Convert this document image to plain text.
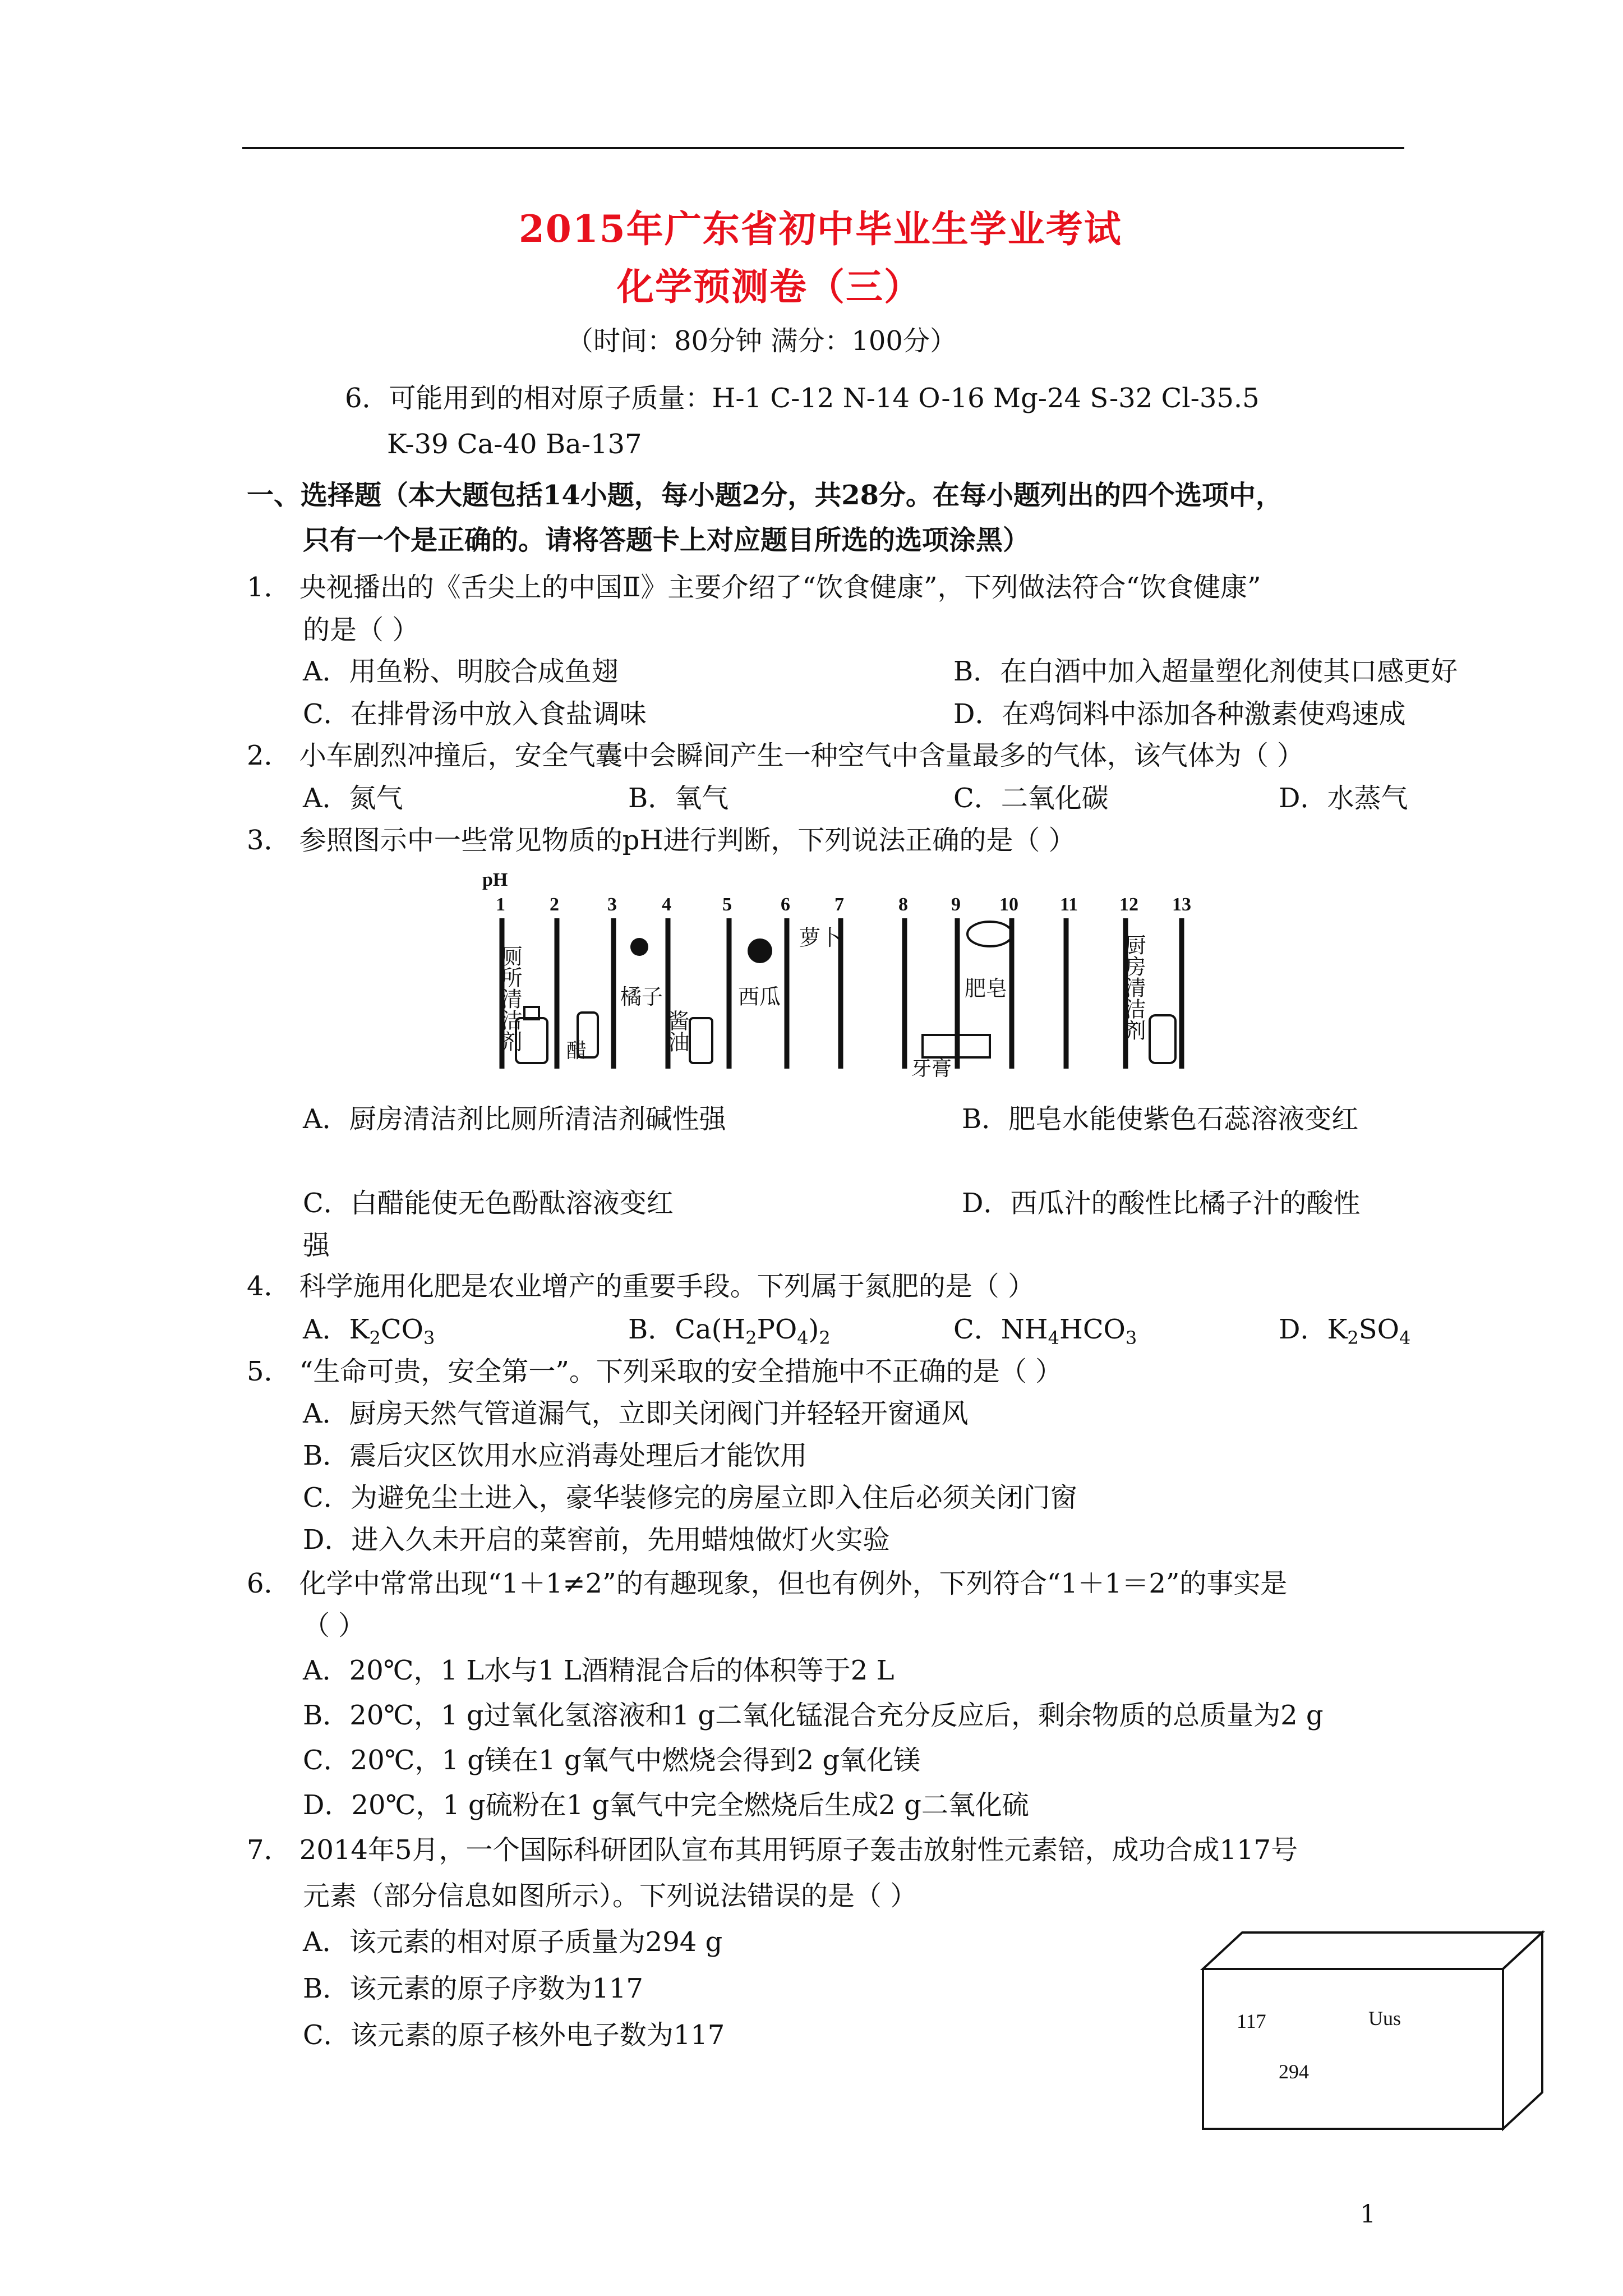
2015年广东省初中毕业生学业考试
化学预测卷（三）
（时间：80分钟 满分：100分）
6．可能用到的相对原子质量：H-1 C-12 N-14 O-16 Mg-24 S-32 Cl-35.5
K-39 Ca-40 Ba-137
一、选择题（本大题包括14小题，每小题2分，共28分。在每小题列出的四个选项中，
只有一个是正确的。请将答题卡上对应题目所选的选项涂黑）
1． 央视播出的《舌尖上的中国Ⅱ》主要介绍了“饮食健康”，下列做法符合“饮食健康”
的是（ ）
A．用鱼粉、明胶合成鱼翅	B．在白酒中加入超量塑化剂使其口感更好
C．在排骨汤中放入食盐调味	D．在鸡饲料中添加各种激素使鸡速成
2． 小车剧烈冲撞后，安全气囊中会瞬间产生一种空气中含量最多的气体，该气体为（ ）
A．氮气	B．氧气	C．二氧化碳	D．水蒸气
3． 参照图示中一些常见物质的pH进行判断，下列说法正确的是（ ）
pH
1 2	3 4	5	6 7	8 9 10 11 12 13
厕所清洁剂 醋
橘子
酱油
西瓜
萝卜
牙膏
肥皂	厨房清洁剂
A．厨房清洁剂比厕所清洁剂碱性强	B．肥皂水能使紫色石蕊溶液变红
C．白醋能使无色酚酞溶液变红	D．西瓜汁的酸性比橘子汁的酸性
强
4． 科学施用化肥是农业增产的重要手段。下列属于氮肥的是（ ）
A．$K_2CO_3$	B．$Ca(H_2PO_4)_2$	C．$NH_4HCO_3$	D．$K_2SO_4$
5． “生命可贵，安全第一”。下列采取的安全措施中不正确的是（ ）
A．厨房天然气管道漏气，立即关闭阀门并轻轻开窗通风
B．震后灾区饮用水应消毒处理后才能饮用
C．为避免尘土进入，豪华装修完的房屋立即入住后必须关闭门窗
D．进入久未开启的菜窖前，先用蜡烛做灯火实验
6． 化学中常常出现“1＋1≠2”的有趣现象，但也有例外，下列符合“1＋1＝2”的事实是
（ ）
A．20℃，1 L水与1 L酒精混合后的体积等于2 L
B．20℃，1 g过氧化氢溶液和1 g二氧化锰混合充分反应后，剩余物质的总质量为2 g
C．20℃，1 g镁在1 g氧气中燃烧会得到2 g氧化镁
D．20℃，1 g硫粉在1 g氧气中完全燃烧后生成2 g二氧化硫
7． 2014年5月，一个国际科研团队宣布其用钙原子轰击放射性元素锫，成功合成117号
元素（部分信息如图所示）。下列说法错误的是（ ）
A．该元素的相对原子质量为294 g
B．该元素的原子序数为117
C．该元素的原子核外电子数为117	117	Uus
294
1
